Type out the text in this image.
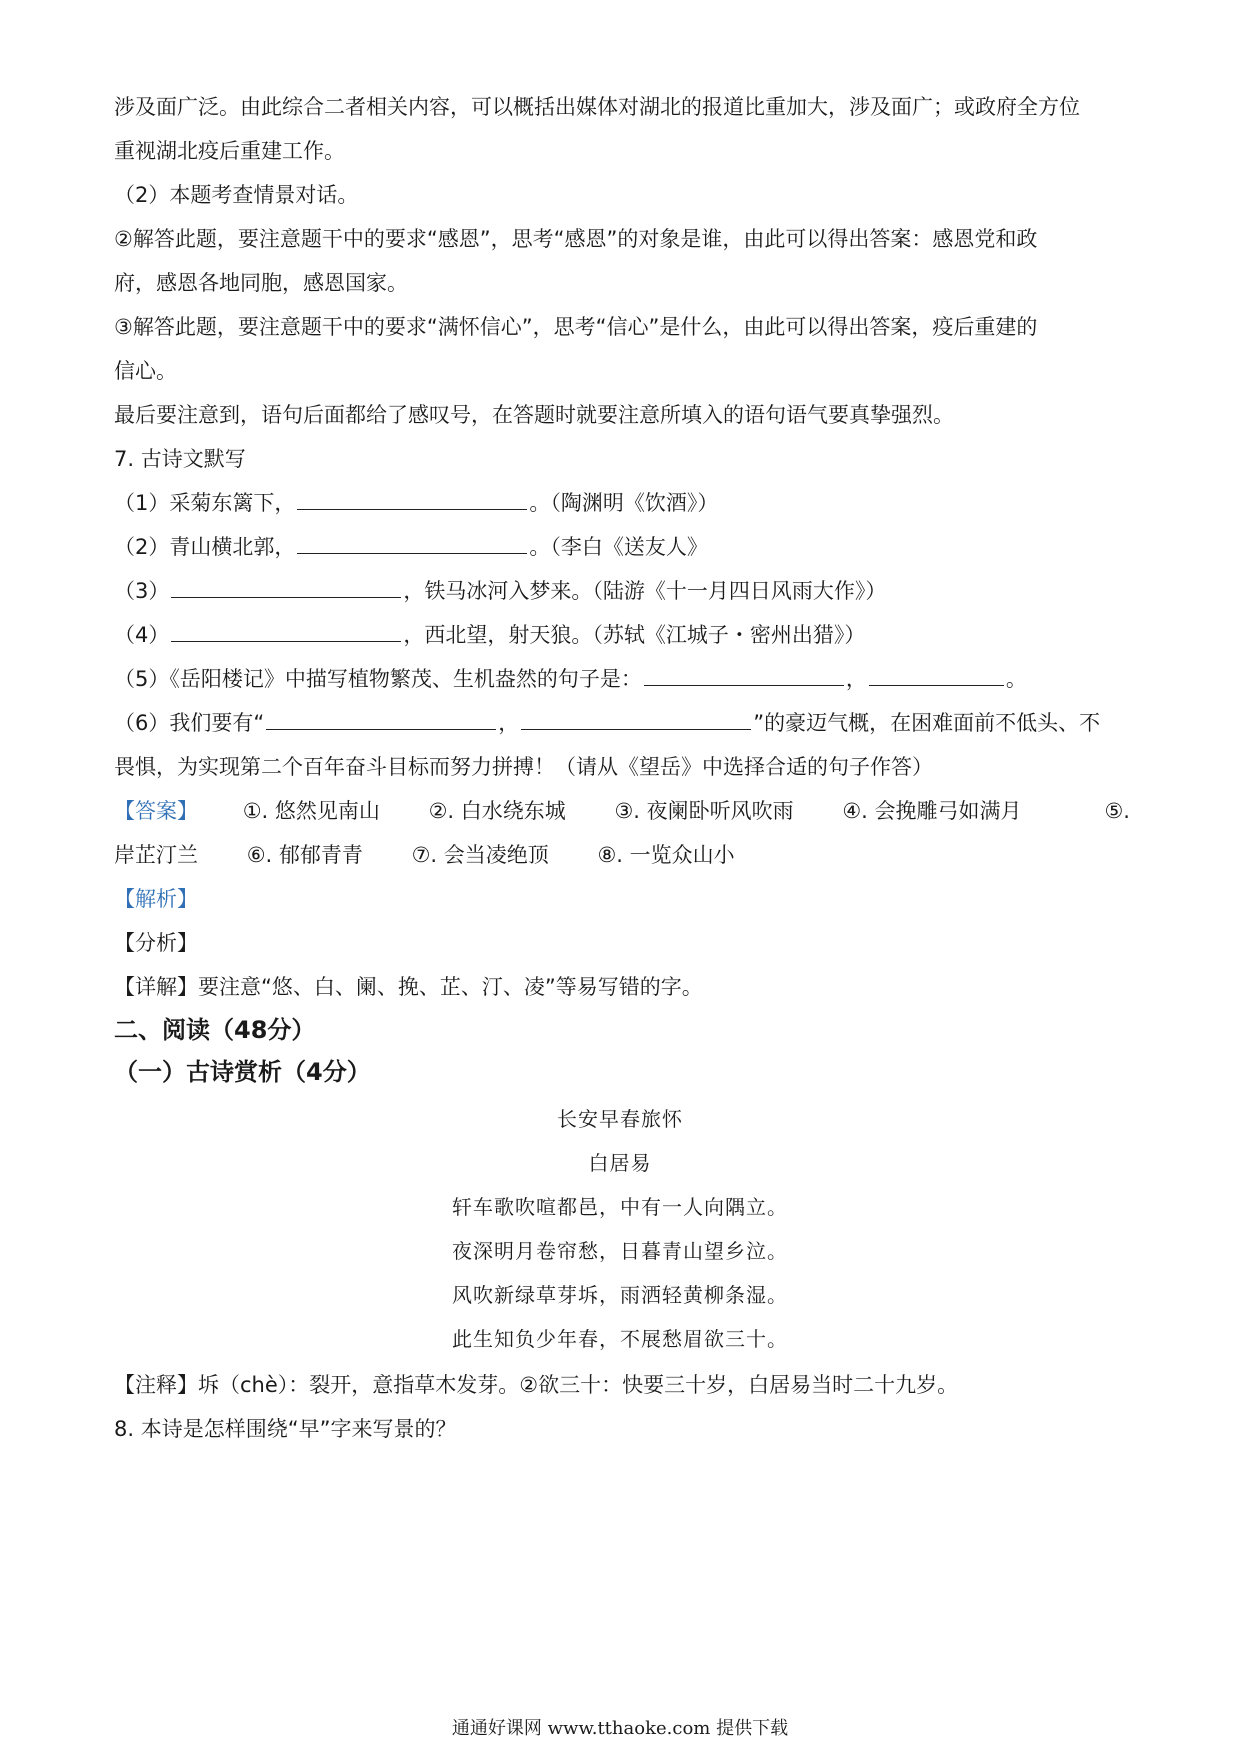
涉及面广泛。由此综合二者相关内容，可以概括出媒体对湖北的报道比重加大，涉及面广；或政府全方位
重视湖北疫后重建工作。
（2）本题考查情景对话。
②解答此题，要注意题干中的要求“感恩”，思考“感恩”的对象是谁，由此可以得出答案：感恩党和政
府，感恩各地同胞，感恩国家。
③解答此题，要注意题干中的要求“满怀信心”，思考“信心”是什么，由此可以得出答案，疫后重建的
信心。
最后要注意到，语句后面都给了感叹号，在答题时就要注意所填入的语句语气要真挚强烈。
7. 古诗文默写
（1）采菊东篱下，	。（陶渊明《饮酒》）
（2）青山横北郭，	。（李白《送友人》
（3）	，铁马冰河入梦来。（陆游《十一月四日风雨大作》）
（4）	，西北望，射天狼。（苏轼《江城子・密州出猎》）
（5）《岳阳楼记》中描写植物繁茂、生机盎然的句子是：	，	。
（6）我们要有“	，	”的豪迈气概，在困难面前不低头、不
畏惧，为实现第二个百年奋斗目标而努力拼搏！（请从《望岳》中选择合适的句子作答）
【答案】 ①. 悠然见南山 ②. 白水绕东城 ③. 夜阑卧听风吹雨 ④. 会挽雕弓如满月	⑤.
岸芷汀兰 ⑥. 郁郁青青 ⑦. 会当凌绝顶 ⑧. 一览众山小
【解析】
【分析】
【详解】要注意“悠、白、阑、挽、芷、汀、凌”等易写错的字。
二、阅读（48分）
（一）古诗赏析（4分）
长安早春旅怀
白居易
轩车歌吹喧都邑，中有一人向隅立。
夜深明月卷帘愁，日暮青山望乡泣。
风吹新绿草芽坼，雨洒轻黄柳条湿。
此生知负少年春，不展愁眉欲三十。
【注释】坼（chè）：裂开，意指草木发芽。②欲三十：快要三十岁，白居易当时二十九岁。
8. 本诗是怎样围绕“早”字来写景的？
通通好课网 www.tthaoke.com 提供下载
